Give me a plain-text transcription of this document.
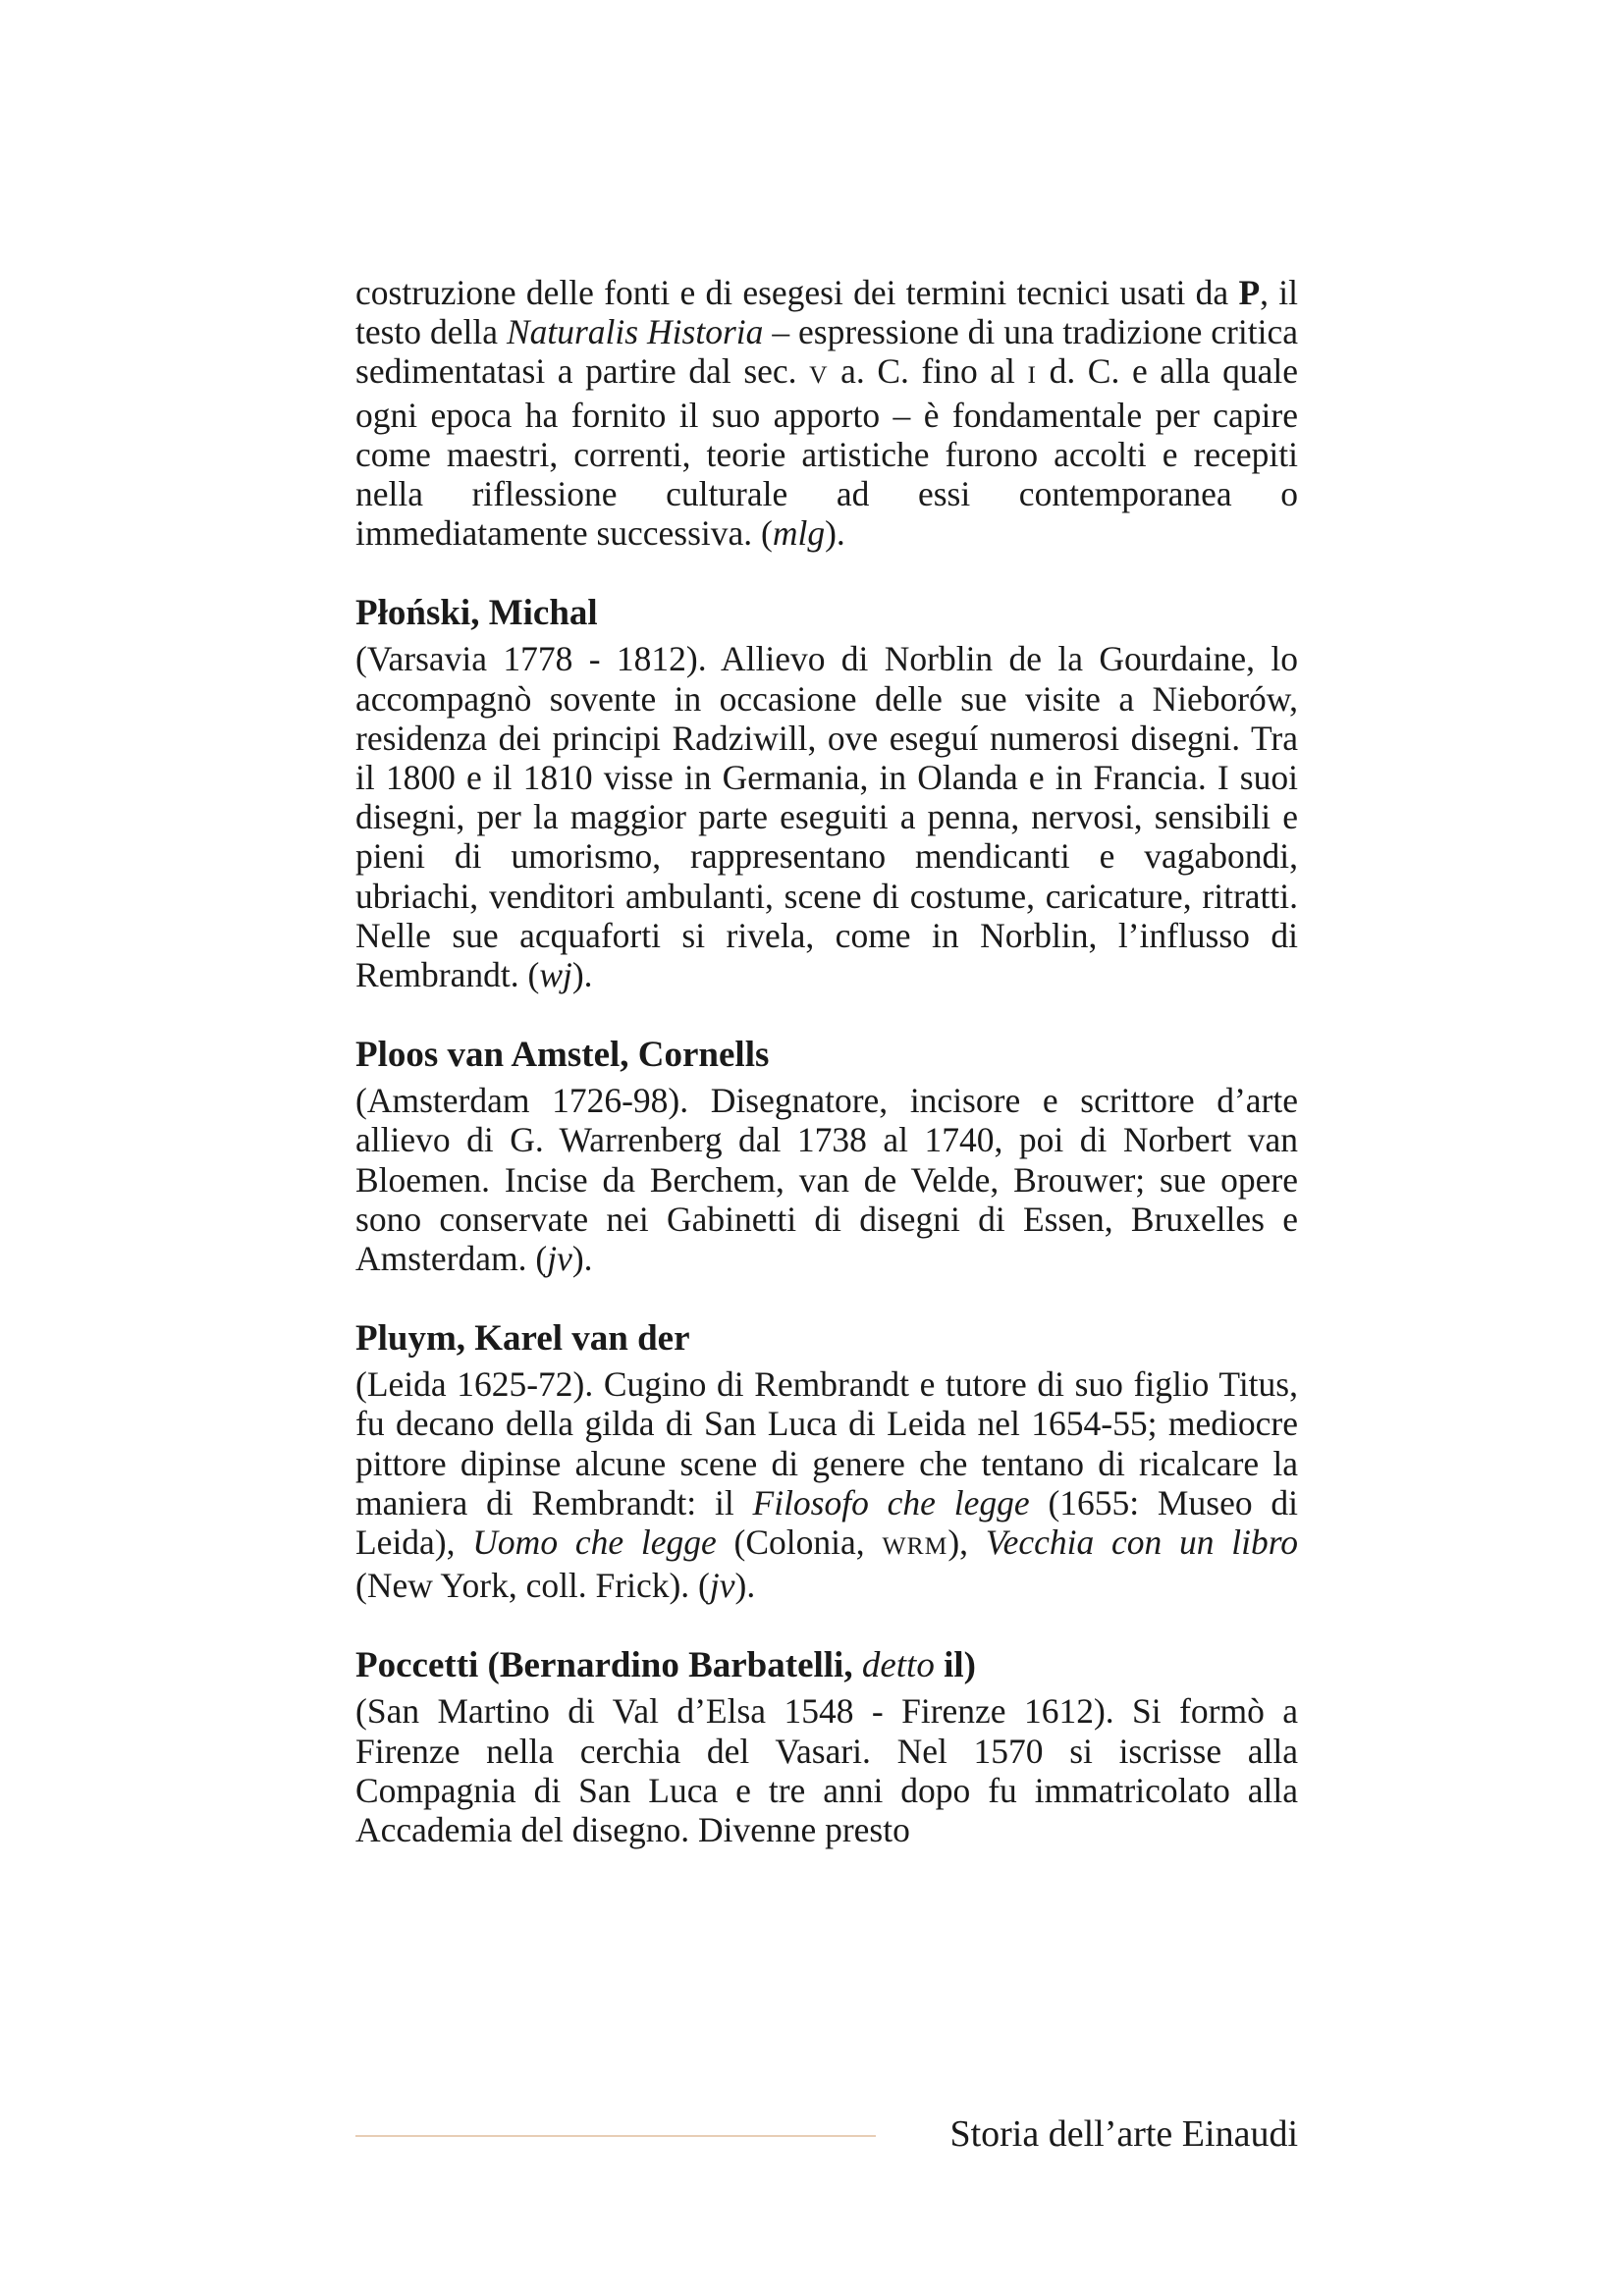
costruzione delle fonti e di esegesi dei termini tecnici usati da P, il testo della Naturalis Historia – espressione di una tradizione critica sedimentatasi a partire dal sec. V a. C. fino al I d. C. e alla quale ogni epoca ha fornito il suo apporto – è fondamentale per capire come maestri, correnti, teorie artistiche furono accolti e recepiti nella riflessione culturale ad essi contemporanea o immediatamente successiva. (mlg).

Płoński, Michal

(Varsavia 1778 - 1812). Allievo di Norblin de la Gourdaine, lo accompagnò sovente in occasione delle sue visite a Nieborów, residenza dei principi Radziwill, ove eseguí numerosi disegni. Tra il 1800 e il 1810 visse in Germania, in Olanda e in Francia. I suoi disegni, per la maggior parte eseguiti a penna, nervosi, sensibili e pieni di umorismo, rappresentano mendicanti e vagabondi, ubriachi, venditori ambulanti, scene di costume, caricature, ritratti. Nelle sue acquaforti si rivela, come in Norblin, l’influsso di Rembrandt. (wj).

Ploos van Amstel, Cornells

(Amsterdam 1726-98). Disegnatore, incisore e scrittore d’arte allievo di G. Warrenberg dal 1738 al 1740, poi di Norbert van Bloemen. Incise da Berchem, van de Velde, Brouwer; sue opere sono conservate nei Gabinetti di disegni di Essen, Bruxelles e Amsterdam. (jv).

Pluym, Karel van der

(Leida 1625-72). Cugino di Rembrandt e tutore di suo figlio Titus, fu decano della gilda di San Luca di Leida nel 1654-55; mediocre pittore dipinse alcune scene di genere che tentano di ricalcare la maniera di Rembrandt: il Filosofo che legge (1655: Museo di Leida), Uomo che legge (Colonia, WRM), Vecchia con un libro (New York, coll. Frick). (jv).

Poccetti (Bernardino Barbatelli, detto il)

(San Martino di Val d’Elsa 1548 - Firenze 1612). Si formò a Firenze nella cerchia del Vasari. Nel 1570 si iscrisse alla Compagnia di San Luca e tre anni dopo fu immatricolato alla Accademia del disegno. Divenne presto

Storia dell’arte Einaudi
